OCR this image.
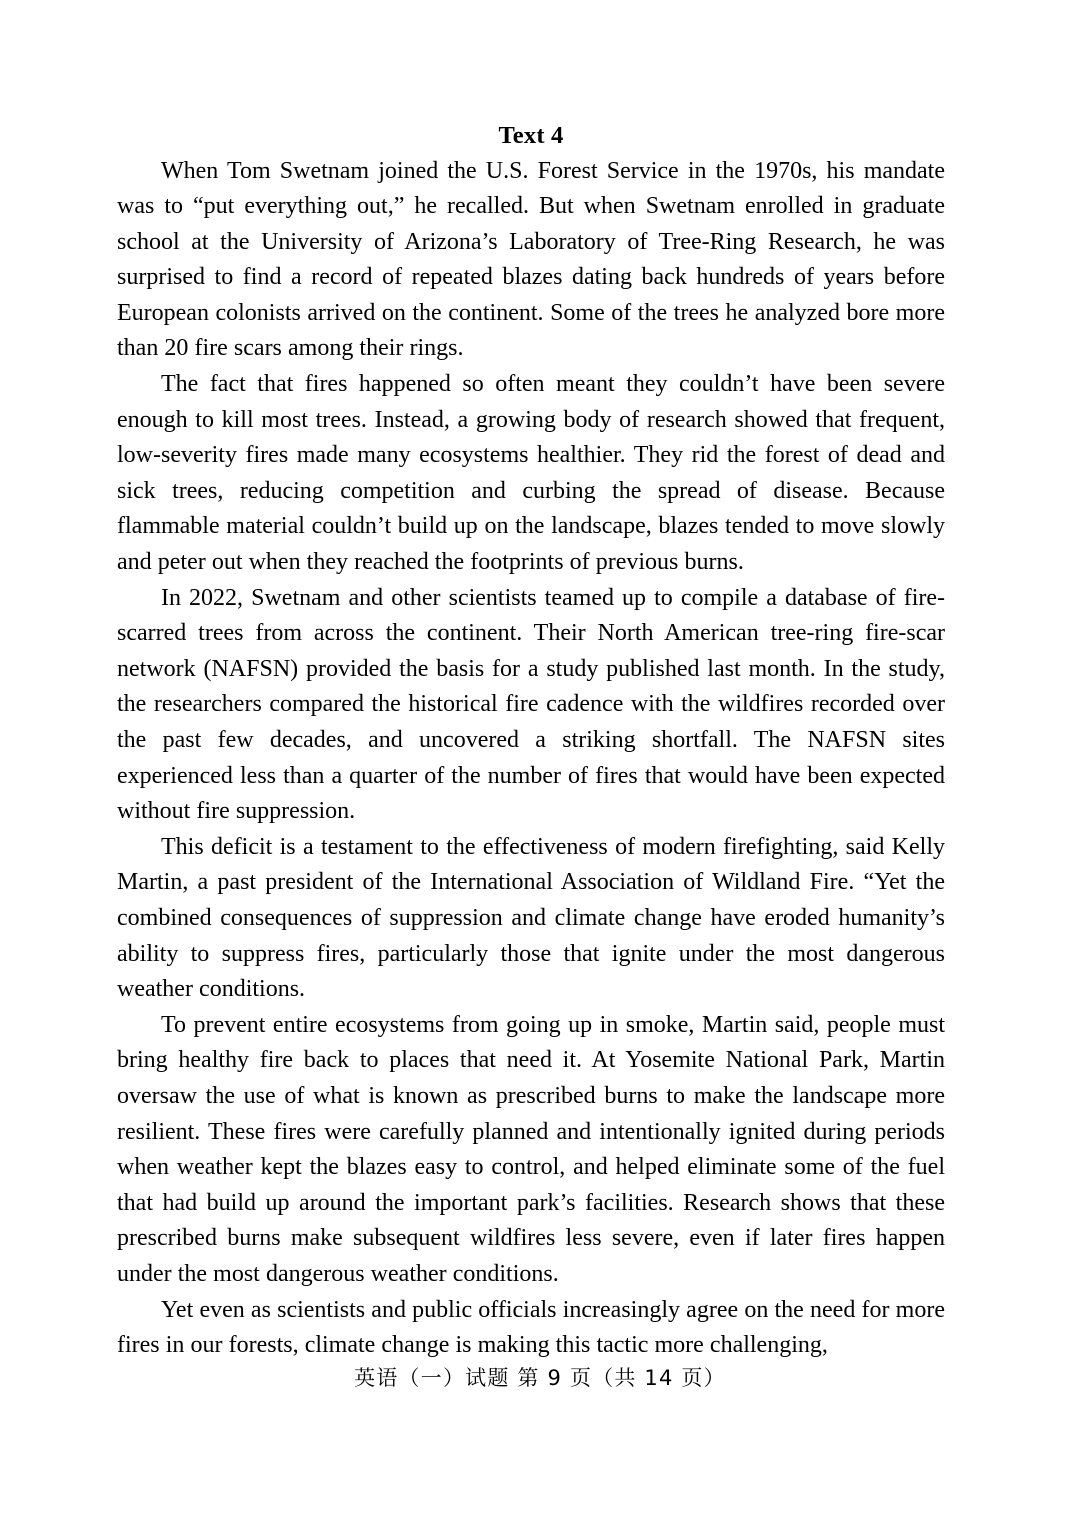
Text 4

When Tom Swetnam joined the U.S. Forest Service in the 1970s, his mandate was to “put everything out,” he recalled. But when Swetnam enrolled in graduate school at the University of Arizona’s Laboratory of Tree-Ring Research, he was surprised to find a record of repeated blazes dating back hundreds of years before European colonists arrived on the continent. Some of the trees he analyzed bore more than 20 fire scars among their rings.

The fact that fires happened so often meant they couldn’t have been severe enough to kill most trees. Instead, a growing body of research showed that frequent, low-severity fires made many ecosystems healthier. They rid the forest of dead and sick trees, reducing competition and curbing the spread of disease. Because flammable material couldn’t build up on the landscape, blazes tended to move slowly and peter out when they reached the footprints of previous burns.

In 2022, Swetnam and other scientists teamed up to compile a database of fire-scarred trees from across the continent. Their North American tree-ring fire-scar network (NAFSN) provided the basis for a study published last month. In the study, the researchers compared the historical fire cadence with the wildfires recorded over the past few decades, and uncovered a striking shortfall. The NAFSN sites experienced less than a quarter of the number of fires that would have been expected without fire suppression.

This deficit is a testament to the effectiveness of modern firefighting, said Kelly Martin, a past president of the International Association of Wildland Fire. “Yet the combined consequences of suppression and climate change have eroded humanity’s ability to suppress fires, particularly those that ignite under the most dangerous weather conditions.

To prevent entire ecosystems from going up in smoke, Martin said, people must bring healthy fire back to places that need it. At Yosemite National Park, Martin oversaw the use of what is known as prescribed burns to make the landscape more resilient. These fires were carefully planned and intentionally ignited during periods when weather kept the blazes easy to control, and helped eliminate some of the fuel that had build up around the important park’s facilities. Research shows that these prescribed burns make subsequent wildfires less severe, even if later fires happen under the most dangerous weather conditions.

Yet even as scientists and public officials increasingly agree on the need for more fires in our forests, climate change is making this tactic more challenging,

英语（一）试题 第 9 页（共 14 页）
